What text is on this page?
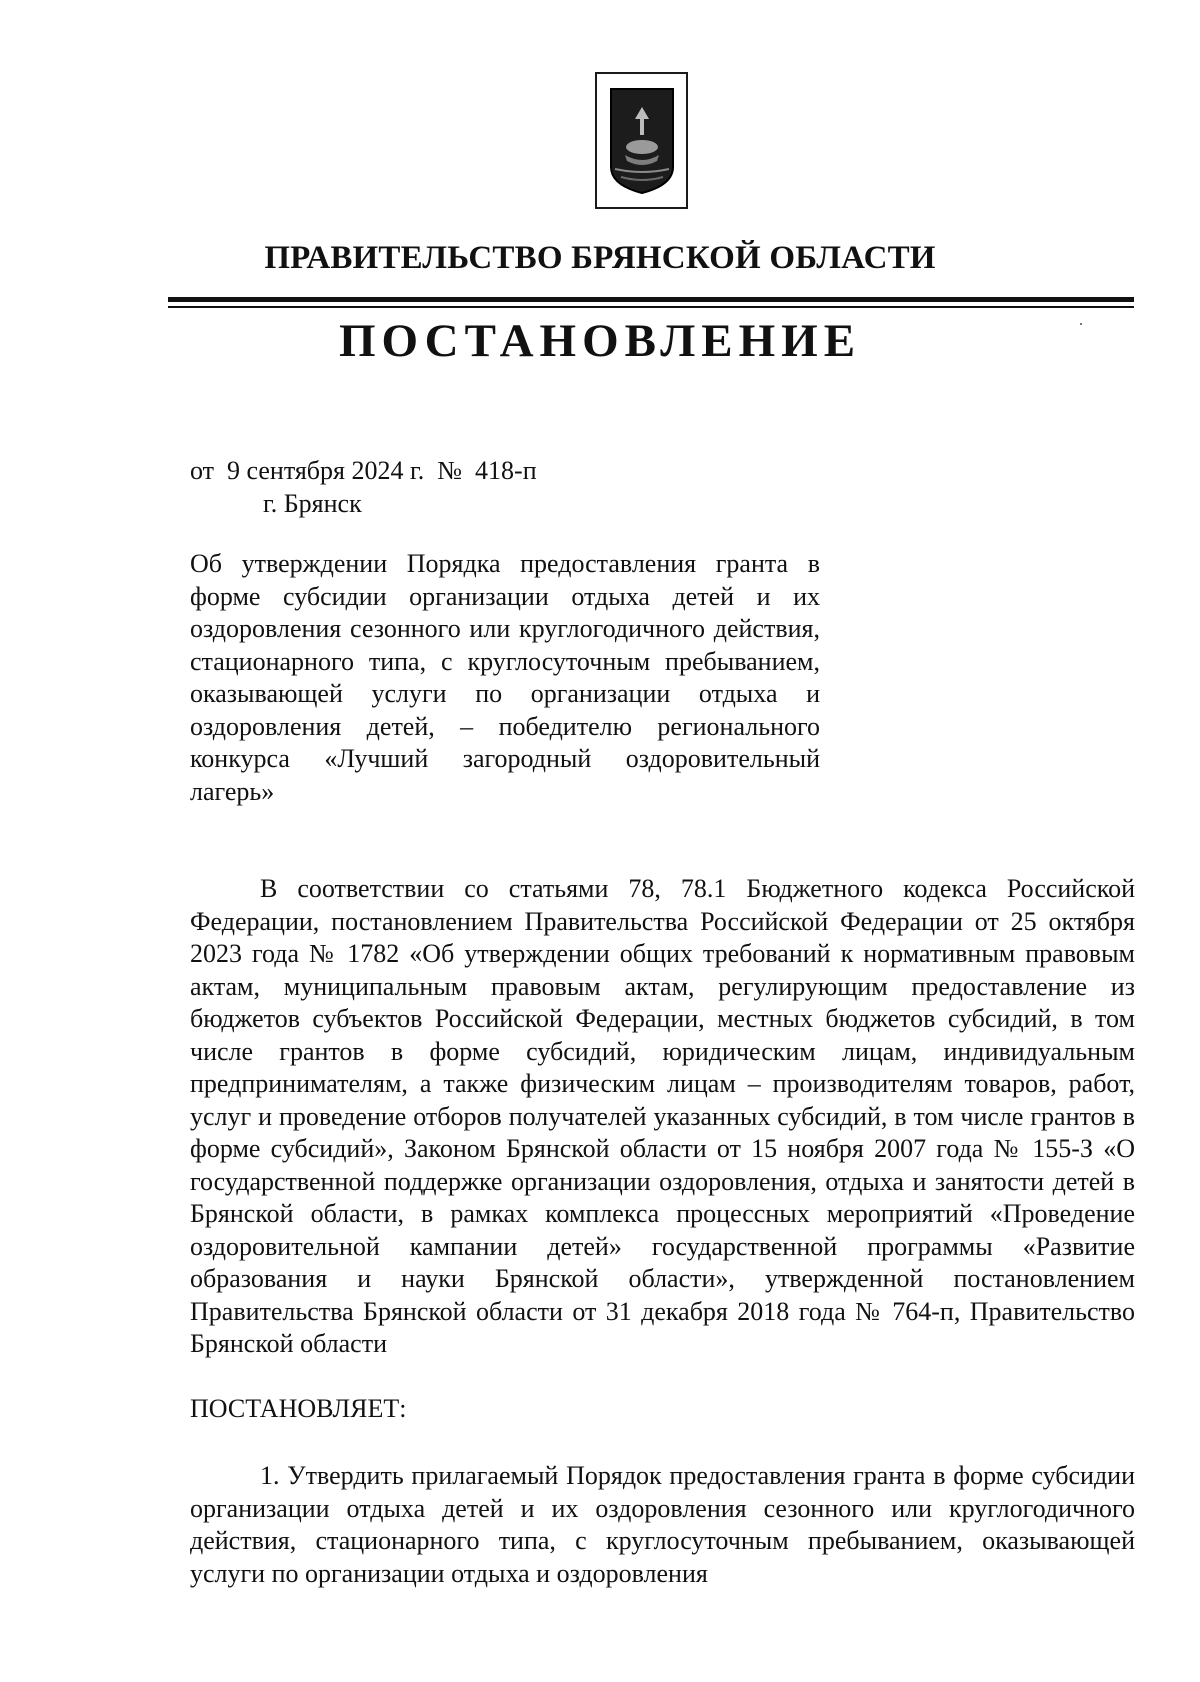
ПРАВИТЕЛЬСТВО БРЯНСКОЙ ОБЛАСТИ
ПОСТАНОВЛЕНИЕ
от  9 сентября 2024 г.  №  418-п
г. Брянск
Об утверждении Порядка предоставления гранта в форме субсидии организации отдыха детей и их оздоровления сезонного или круглогодичного действия, стационарного типа, с круглосуточным пребыванием, оказывающей услуги по организации отдыха и оздоровления детей, – победителю регионального конкурса «Лучший загородный оздоровительный лагерь»
В соответствии со статьями 78, 78.1 Бюджетного кодекса Российской Федерации, постановлением Правительства Российской Федерации от 25 октября 2023 года № 1782 «Об утверждении общих требований к нормативным правовым актам, муниципальным правовым актам, регулирующим предоставление из бюджетов субъектов Российской Федерации, местных бюджетов субсидий, в том числе грантов в форме субсидий, юридическим лицам, индивидуальным предпринимателям, а также физическим лицам – производителям товаров, работ, услуг и проведение отборов получателей указанных субсидий, в том числе грантов в форме субсидий», Законом Брянской области от 15 ноября 2007 года № 155-З «О государственной поддержке организации оздоровления, отдыха и занятости детей в Брянской области, в рамках комплекса процессных мероприятий «Проведение оздоровительной кампании детей» государственной программы «Развитие образования и науки Брянской области», утвержденной постановлением Правительства Брянской области от 31 декабря 2018 года № 764-п, Правительство Брянской области
ПОСТАНОВЛЯЕТ:
1. Утвердить прилагаемый Порядок предоставления гранта в форме субсидии организации отдыха детей и их оздоровления сезонного или круглогодичного действия, стационарного типа, с круглосуточным пребыванием, оказывающей услуги по организации отдыха и оздоровления
